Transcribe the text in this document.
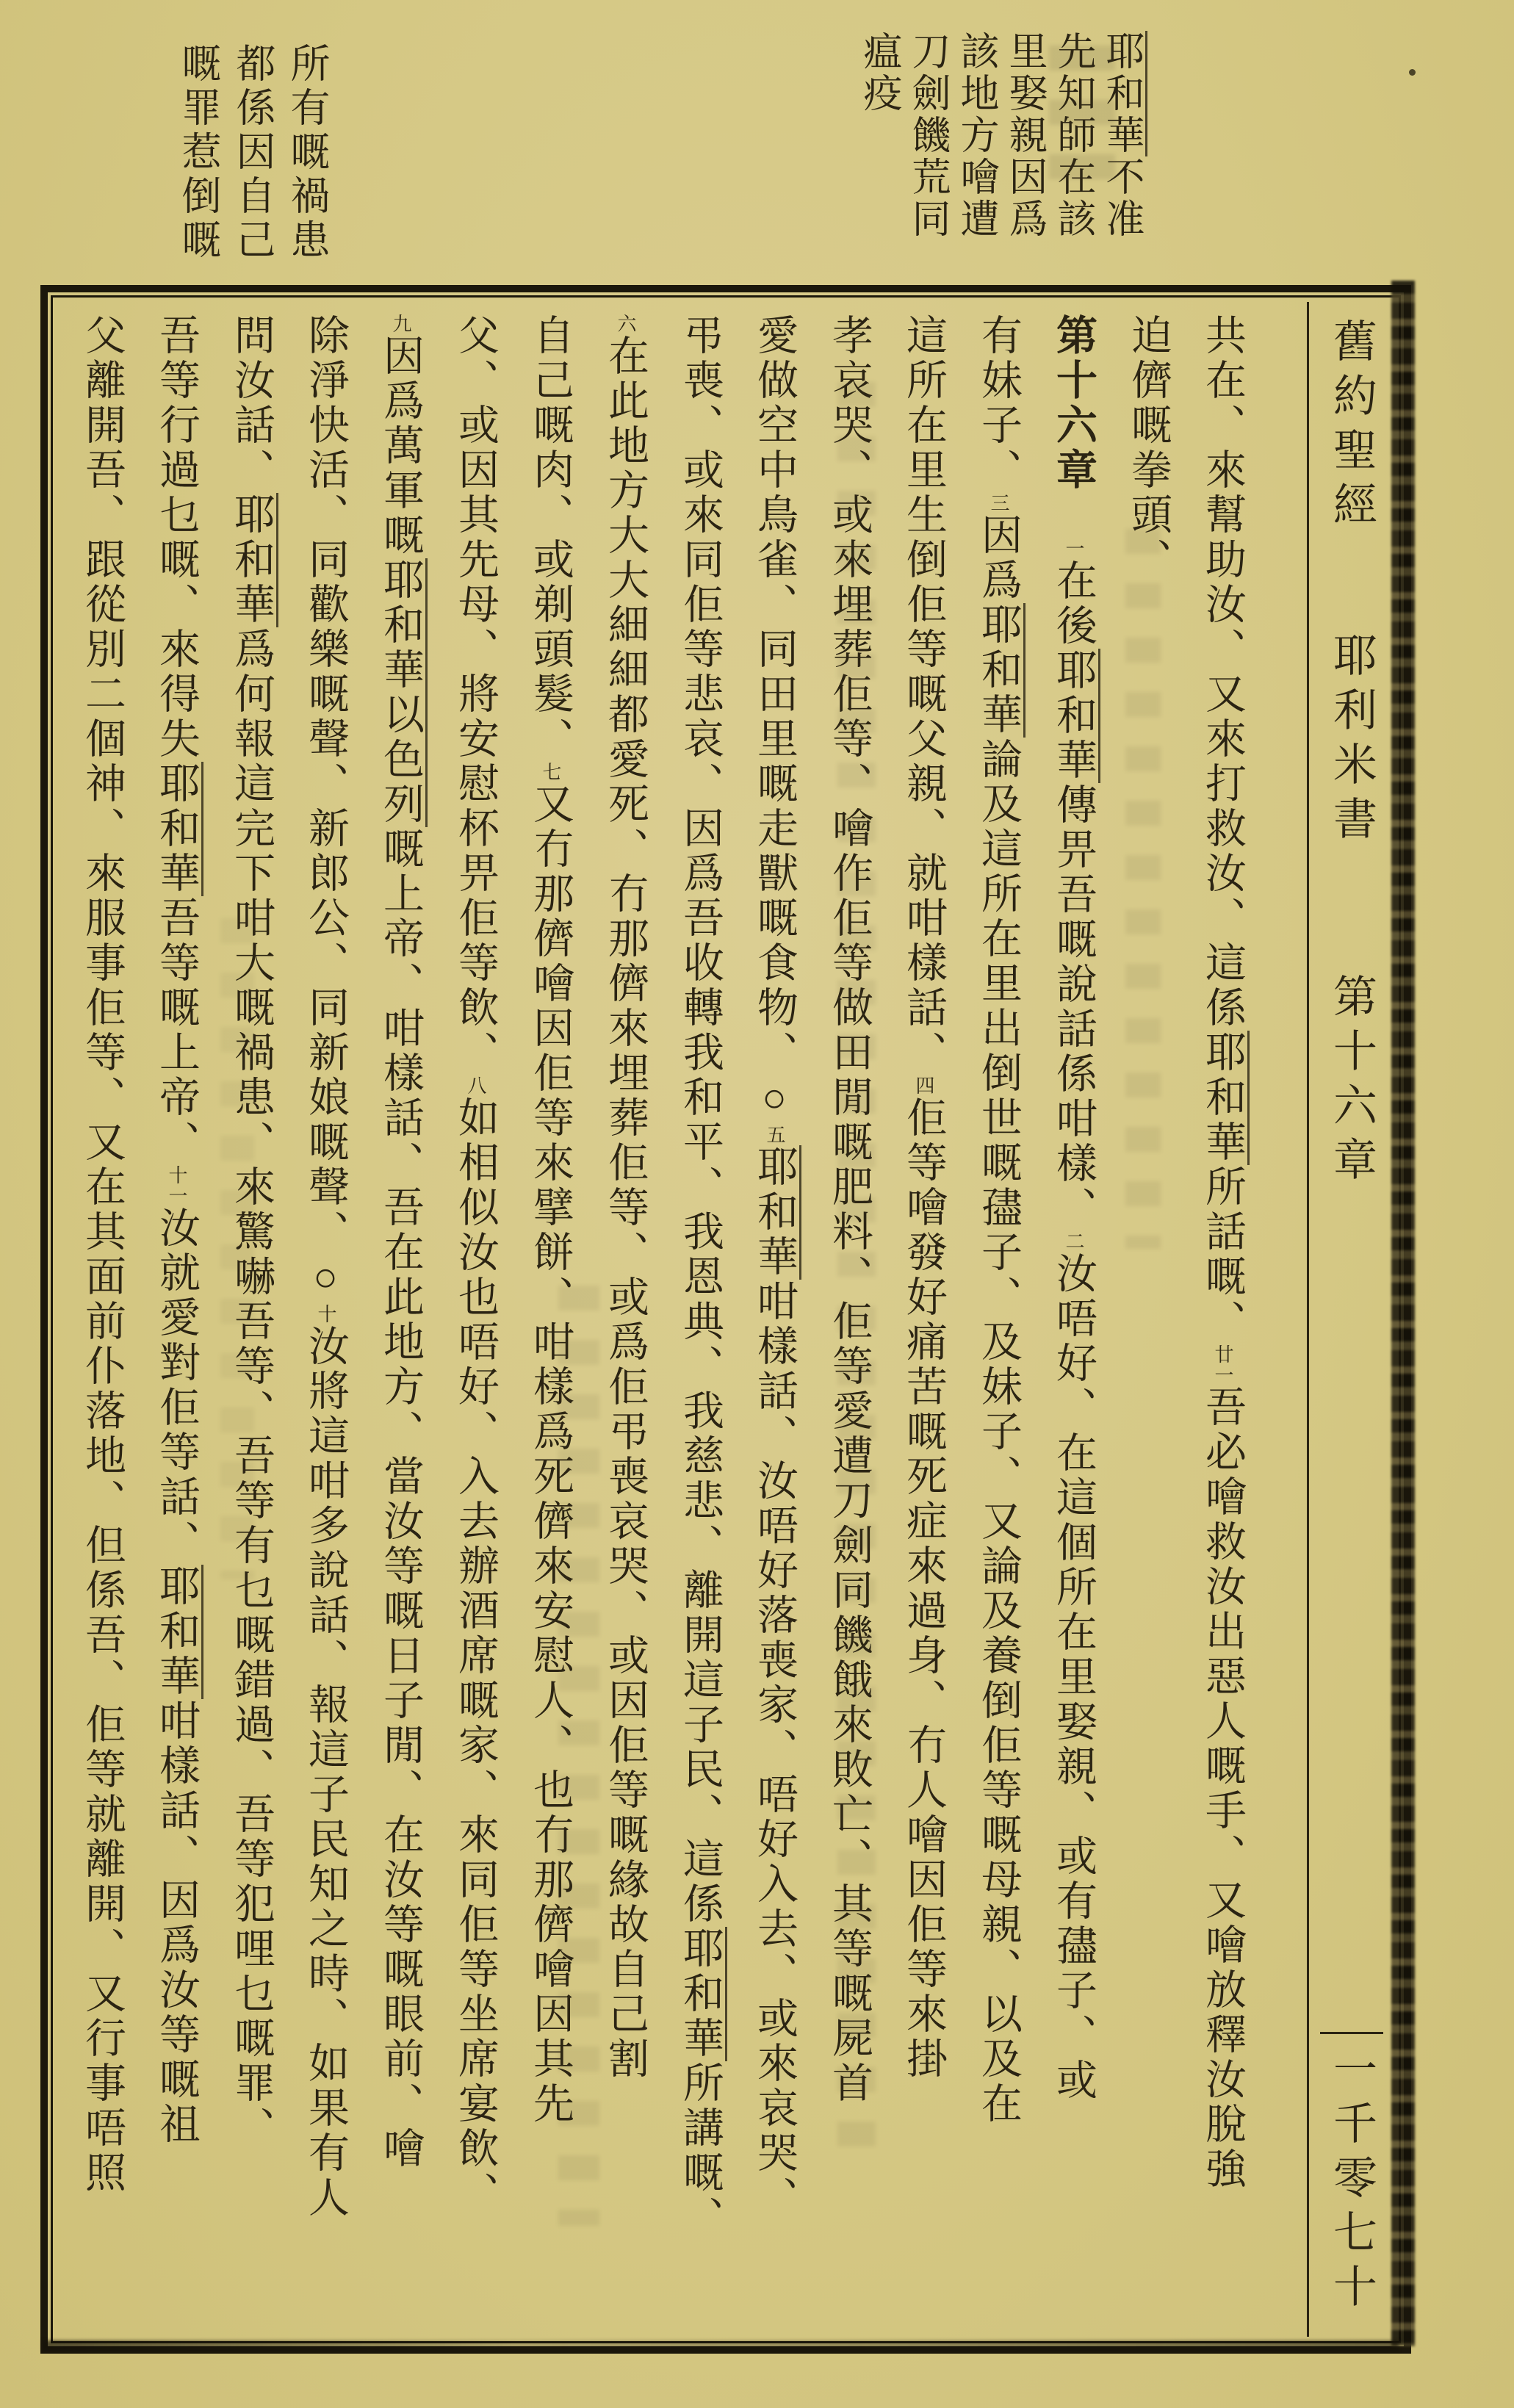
耶和華不准
先知師在該
里娶親因爲
該地方噲遭
刀劍饑荒同
瘟疫
所有嘅禍患
都係因自己
嘅罪惹倒嘅
舊約聖經
耶利米書
第十六章
一千零七十
共在、來幫助汝、又來打救汝、這係耶和華所話嘅、廿一吾必噲救汝出惡人嘅手、又噲放釋汝脫強
迫儕嘅拳頭、
第十六章一在後耶和華傳畀吾嘅說話係咁樣、二汝唔好、在這個所在里娶親、或有孻子、或
有妹子、三因爲耶和華論及這所在里出倒世嘅孻子、及妹子、又論及養倒佢等嘅母親、以及在
這所在里生倒佢等嘅父親、就咁樣話、四佢等噲發好痛苦嘅死症來過身、冇人噲因佢等來掛
孝哀哭、或來埋葬佢等、噲作佢等做田閒嘅肥料、佢等愛遭刀劍同饑餓來敗亡、其等嘅屍首
愛做空中鳥雀、同田里嘅走獸嘅食物、○五耶和華咁樣話、汝唔好落喪家、唔好入去、或來哀哭、
弔喪、或來同佢等悲哀、因爲吾收轉我和平、我恩典、我慈悲、離開這子民、這係耶和華所講嘅、
六在此地方大大細細都愛死、冇那儕來埋葬佢等、或爲佢弔喪哀哭、或因佢等嘅緣故自己割
自己嘅肉、或剃頭髮、七又冇那儕噲因佢等來擘餅、咁樣爲死儕來安慰人、也冇那儕噲因其先
父、或因其先母、將安慰杯畀佢等飲、八如相似汝也唔好、入去辦酒席嘅家、來同佢等坐席宴飲、
九因爲萬軍嘅耶和華以色列嘅上帝、咁樣話、吾在此地方、當汝等嘅日子閒、在汝等嘅眼前、噲
除淨快活、同歡樂嘅聲、新郎公、同新娘嘅聲、○十汝將這咁多說話、報這子民知之時、如果有人
問汝話、耶和華爲何報這完下咁大嘅禍患、來驚嚇吾等、吾等有乜嘅錯過、吾等犯哩乜嘅罪、
吾等行過乜嘅、來得失耶和華吾等嘅上帝、十一汝就愛對佢等話、耶和華咁樣話、因爲汝等嘅祖
父離開吾、跟從別二個神、來服事佢等、又在其面前仆落地、但係吾、佢等就離開、又行事唔照
